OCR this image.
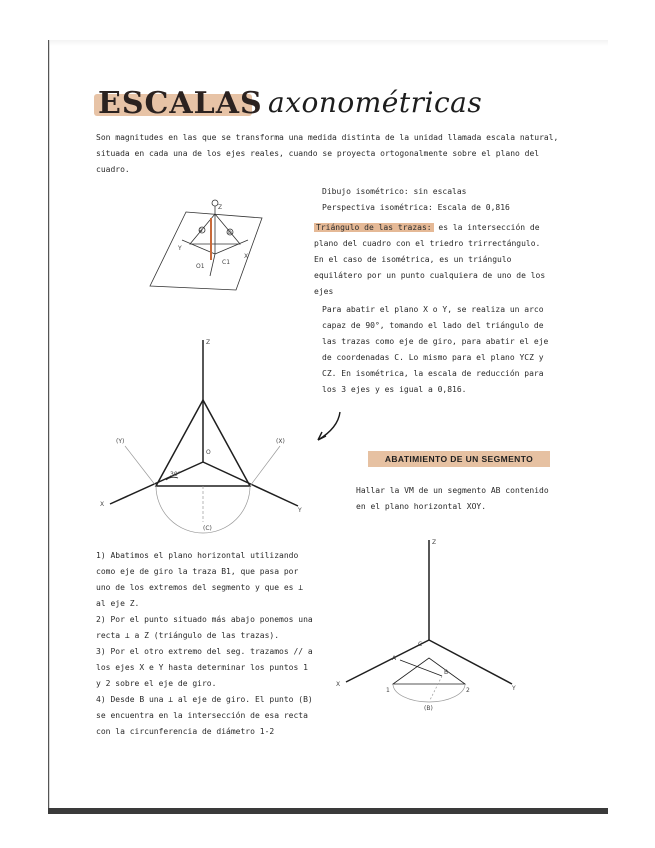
ESCALAS axonométricas
Son magnitudes en las que se transforma una medida distinta de la unidad llamada escala natural, situada en cada una de los ejes reales, cuando se proyecta ortogonalmente sobre el plano del cuadro.
Dibujo isométrico: sin escalas
Perspectiva isométrica: Escala de 0,816
Triángulo de las trazas: es la intersección de plano del cuadro con el triedro trirrectángulo. En el caso de isométrica, es un triángulo equilátero por un punto cualquiera de uno de los ejes
Para abatir el plano X o Y, se realiza un arco capaz de 90°, tomando el lado del triángulo de las trazas como eje de giro, para abatir el eje de coordenadas C. Lo mismo para el plano YCZ y CZ. En isométrica, la escala de reducción para los 3 ejes y es igual a 0,816.
ABATIMIENTO DE UN SEGMENTO
Hallar la VM de un segmento AB contenido en el plano horizontal XOY.
1) Abatimos el plano horizontal utilizando como eje de giro la traza B1, que pasa por uno de los extremos del segmento y que es ⊥ al eje Z.
2) Por el punto situado más abajo ponemos una recta ⊥ a Z (triángulo de las trazas).
3) Por el otro extremo del seg. trazamos // a los ejes X e Y hasta determinar los puntos 1 y 2 sobre el eje de giro.
4) Desde B una ⊥ al eje de giro. El punto (B) se encuentra en la intersección de esa recta con la circunferencia de diámetro 1-2
Z
X
Y
C1
a	b
O1
Z
X
Y
(Y)	(X)
(C)
30°
O
Z
X
Y
C
A
B
(B)
1	2
